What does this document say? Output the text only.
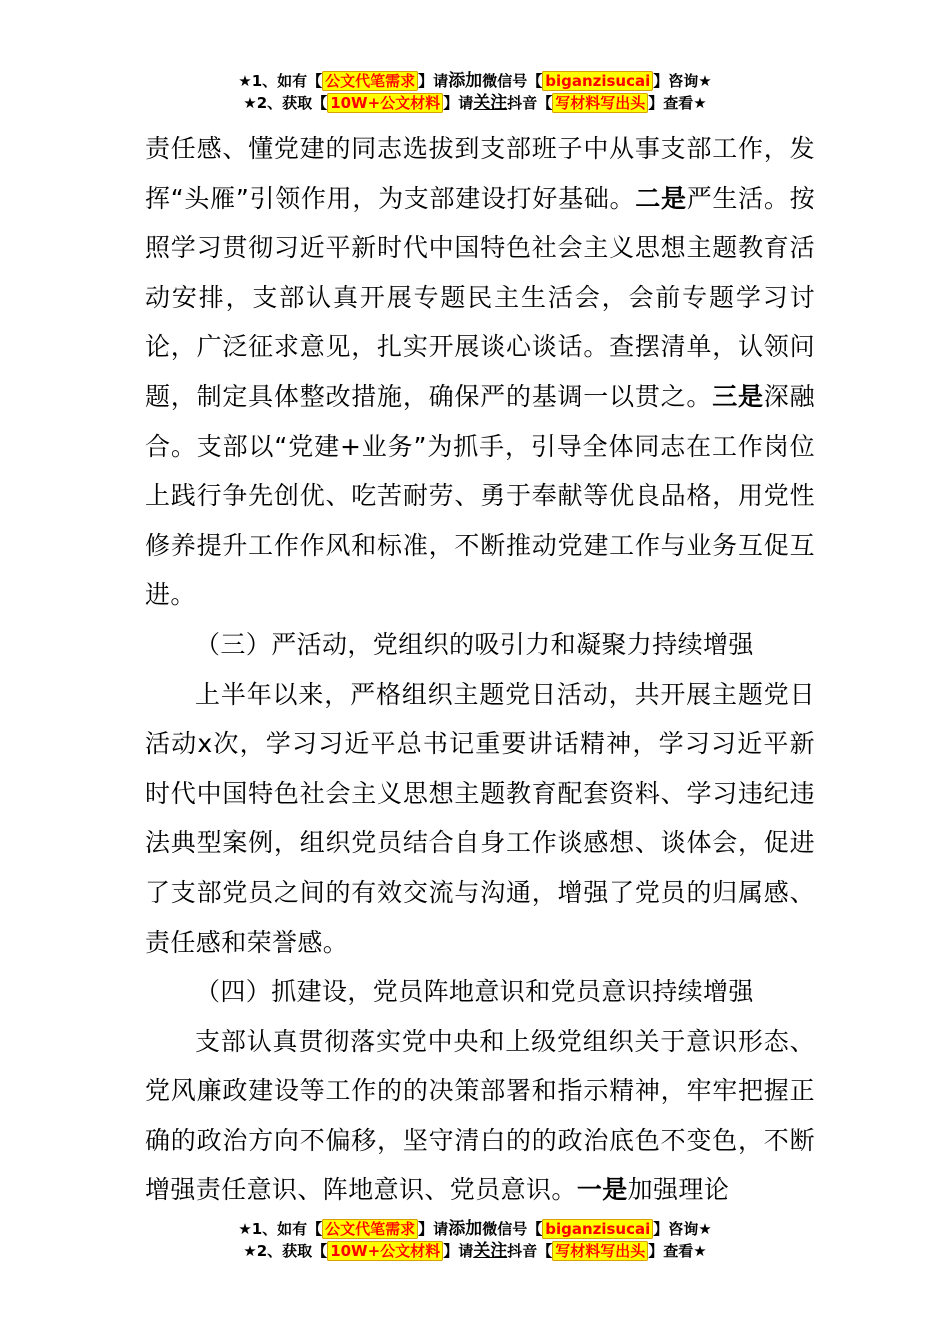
★1、如有【 公文代笔需求 】请添加微信号【 biganzisucai 】咨询★
★2、获取【 10W+公文材料 】请关注抖音【 写材料写出头 】查看★

责任感、懂党建的同志选拔到支部班子中从事支部工作，发挥“头雁”引领作用，为支部建设打好基础。二是严生活。按照学习贯彻习近平新时代中国特色社会主义思想主题教育活动安排，支部认真开展专题民主生活会，会前专题学习讨论，广泛征求意见，扎实开展谈心谈话。查摆清单，认领问题，制定具体整改措施，确保严的基调一以贯之。三是深融合。支部以“党建+业务”为抓手，引导全体同志在工作岗位上践行争先创优、吃苦耐劳、勇于奉献等优良品格，用党性修养提升工作作风和标准，不断推动党建工作与业务互促互进。

（三）严活动，党组织的吸引力和凝聚力持续增强

上半年以来，严格组织主题党日活动，共开展主题党日活动x次，学习习近平总书记重要讲话精神，学习习近平新时代中国特色社会主义思想主题教育配套资料、学习违纪违法典型案例，组织党员结合自身工作谈感想、谈体会，促进了支部党员之间的有效交流与沟通，增强了党员的归属感、责任感和荣誉感。

（四）抓建设，党员阵地意识和党员意识持续增强

支部认真贯彻落实党中央和上级党组织关于意识形态、党风廉政建设等工作的的决策部署和指示精神，牢牢把握正确的政治方向不偏移，坚守清白的的政治底色不变色，不断增强责任意识、阵地意识、党员意识。一是加强理论

★1、如有【 公文代笔需求 】请添加微信号【 biganzisucai 】咨询★
★2、获取【 10W+公文材料 】请关注抖音【 写材料写出头 】查看★
